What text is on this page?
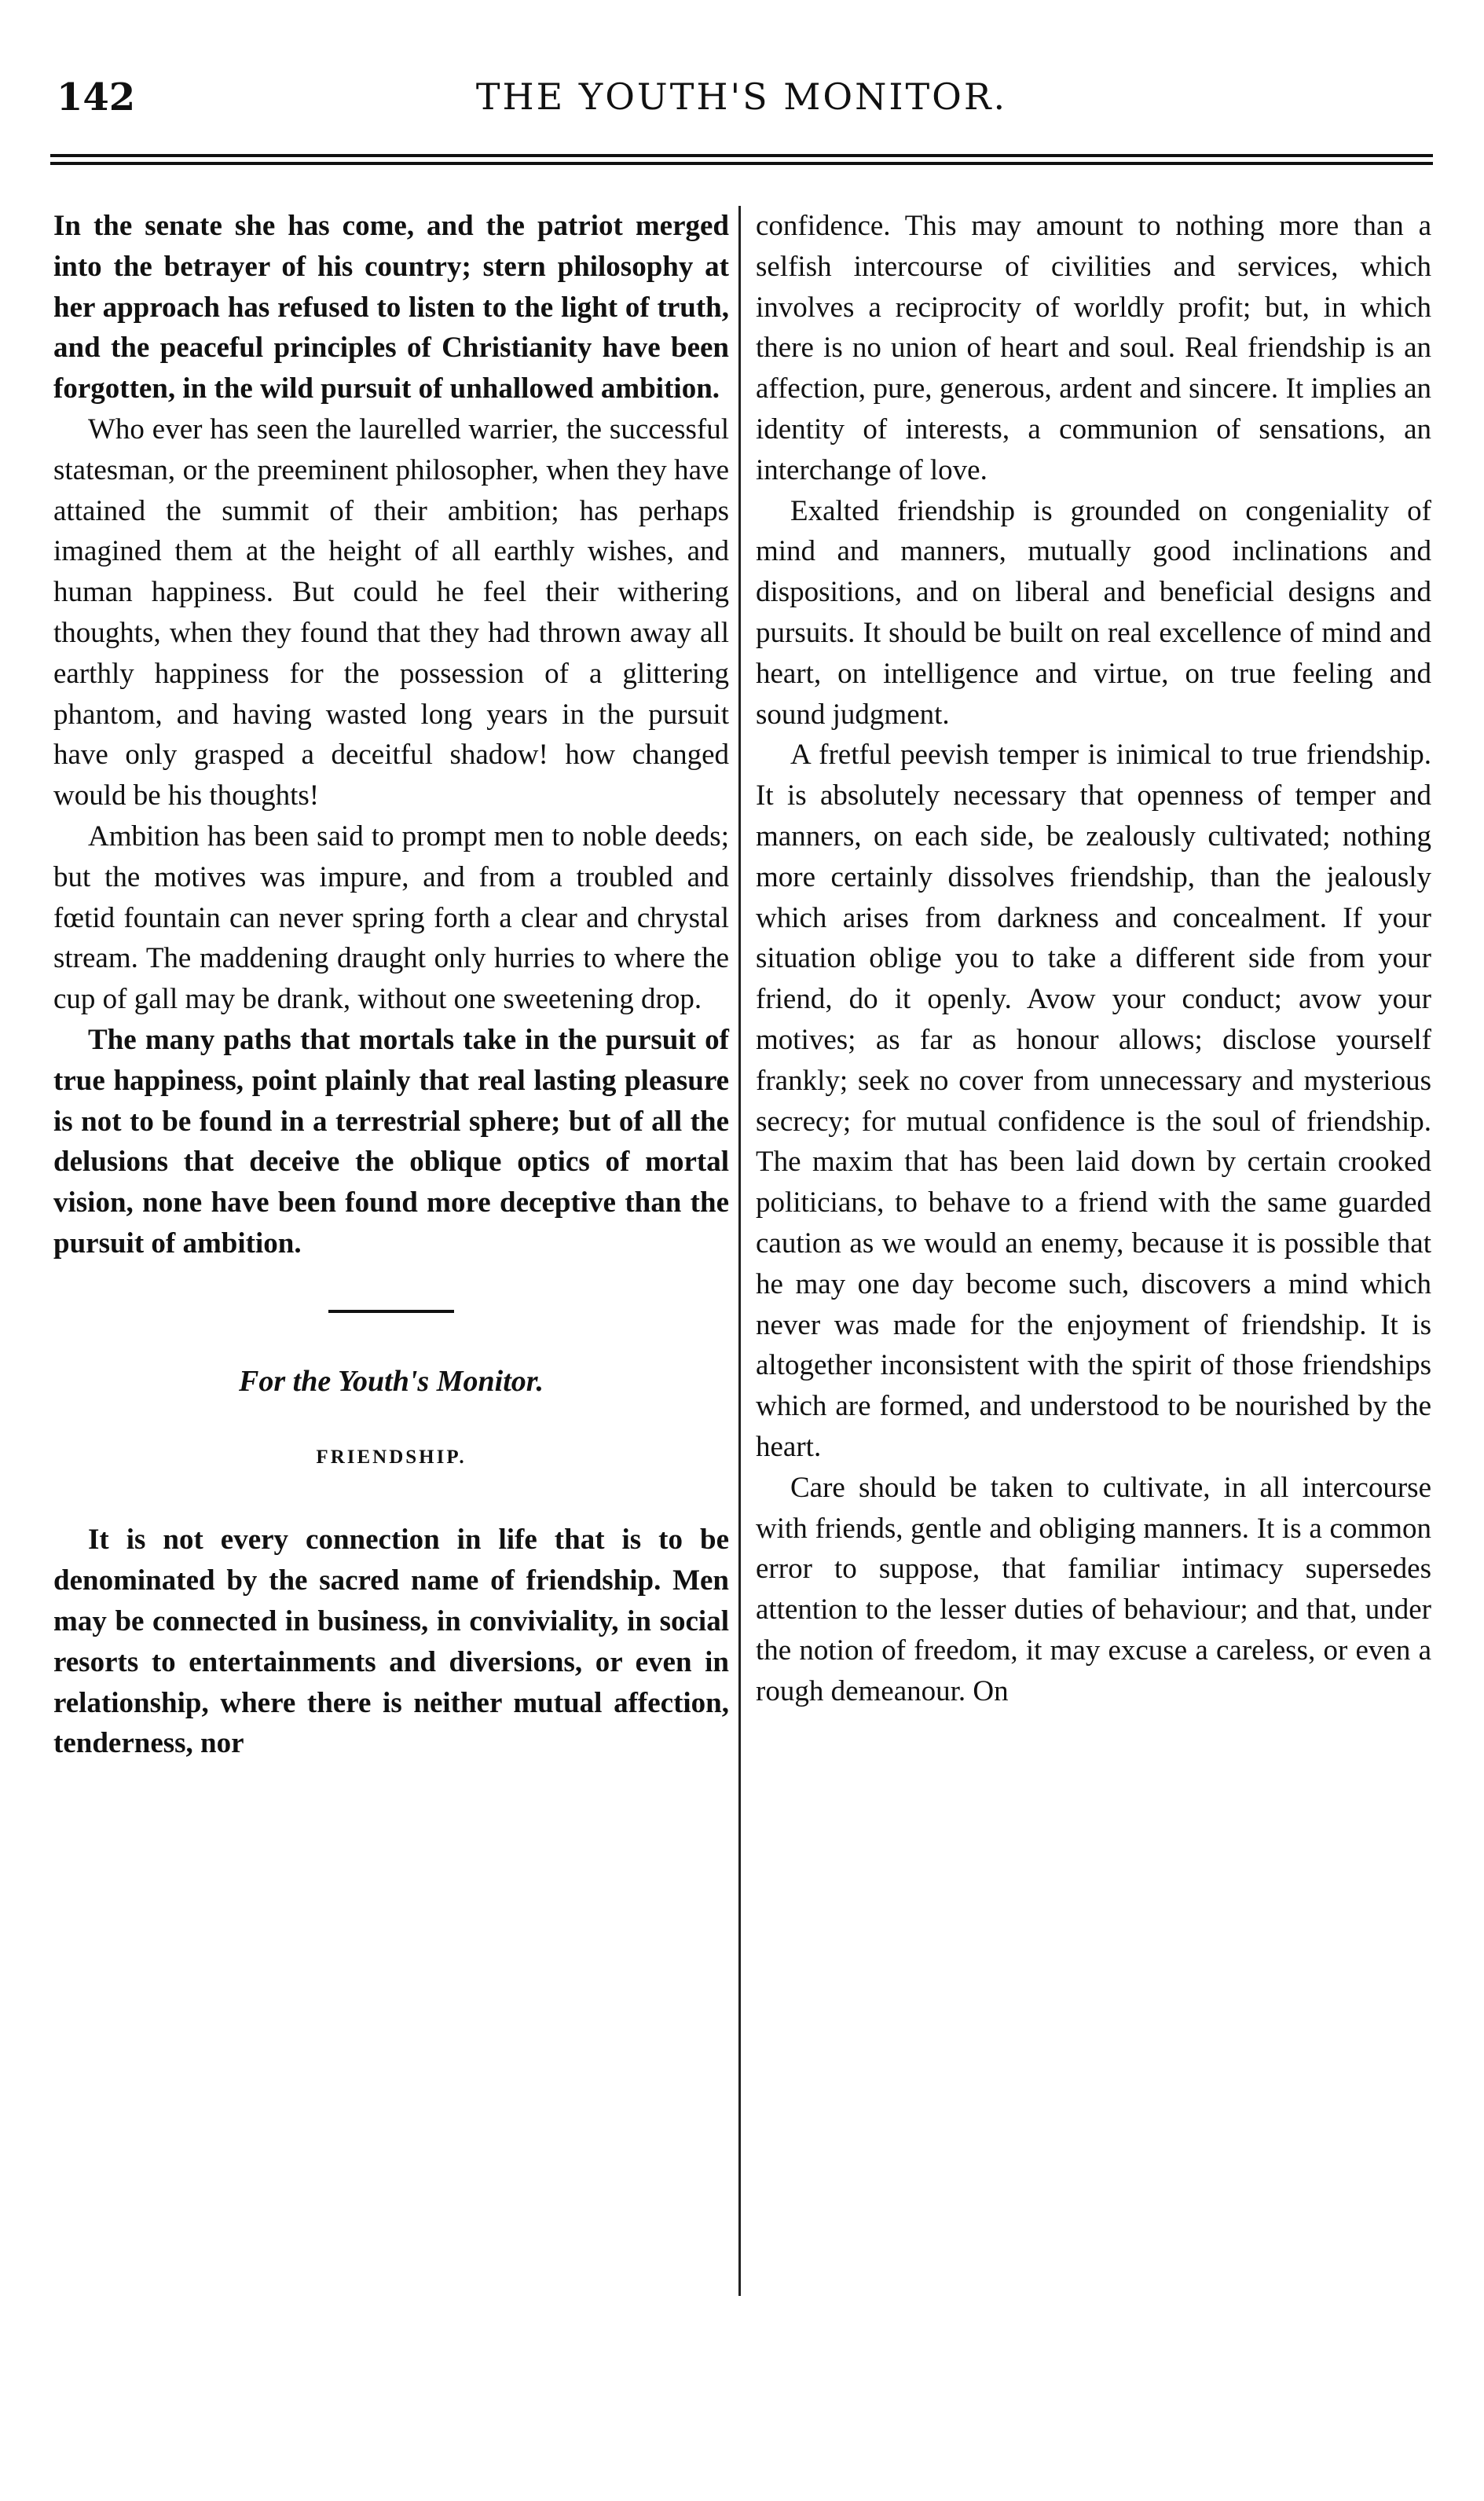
142	THE YOUTH'S MONITOR.

In the senate she has come, and the patriot merged into the betrayer of his country; stern philosophy at her approach has refused to listen to the light of truth, and the peaceful principles of Christianity have been forgotten, in the wild pursuit of unhallowed ambition.

Who ever has seen the laurelled warrier, the successful statesman, or the preeminent philosopher, when they have attained the summit of their ambition; has perhaps imagined them at the height of all earthly wishes, and human happiness. But could he feel their withering thoughts, when they found that they had thrown away all earthly happiness for the possession of a glittering phantom, and having wasted long years in the pursuit have only grasped a deceitful shadow! how changed would be his thoughts!

Ambition has been said to prompt men to noble deeds; but the motives was impure, and from a troubled and fœtid fountain can never spring forth a clear and chrystal stream. The maddening draught only hurries to where the cup of gall may be drank, without one sweetening drop.

The many paths that mortals take in the pursuit of true happiness, point plainly that real lasting pleasure is not to be found in a terrestrial sphere; but of all the delusions that deceive the oblique optics of mortal vision, none have been found more deceptive than the pursuit of ambition.

For the Youth's Monitor.
FRIENDSHIP.

It is not every connection in life that is to be denominated by the sacred name of friendship. Men may be connected in business, in conviviality, in social resorts to entertainments and diversions, or even in relationship, where there is neither mutual affection, tenderness, nor

confidence. This may amount to nothing more than a selfish intercourse of civilities and services, which involves a reciprocity of worldly profit; but, in which there is no union of heart and soul. Real friendship is an affection, pure, generous, ardent and sincere. It implies an identity of interests, a communion of sensations, an interchange of love.

Exalted friendship is grounded on congeniality of mind and manners, mutually good inclinations and dispositions, and on liberal and beneficial designs and pursuits. It should be built on real excellence of mind and heart, on intelligence and virtue, on true feeling and sound judgment.

A fretful peevish temper is inimical to true friendship. It is absolutely necessary that openness of temper and manners, on each side, be zealously cultivated; nothing more certainly dissolves friendship, than the jealously which arises from darkness and concealment. If your situation oblige you to take a different side from your friend, do it openly. Avow your conduct; avow your motives; as far as honour allows; disclose yourself frankly; seek no cover from unnecessary and mysterious secrecy; for mutual confidence is the soul of friendship. The maxim that has been laid down by certain crooked politicians, to behave to a friend with the same guarded caution as we would an enemy, because it is possible that he may one day become such, discovers a mind which never was made for the enjoyment of friendship. It is altogether inconsistent with the spirit of those friendships which are formed, and understood to be nourished by the heart.

Care should be taken to cultivate, in all intercourse with friends, gentle and obliging manners. It is a common error to suppose, that familiar intimacy supersedes attention to the lesser duties of behaviour; and that, under the notion of freedom, it may excuse a careless, or even a rough demeanour. On
